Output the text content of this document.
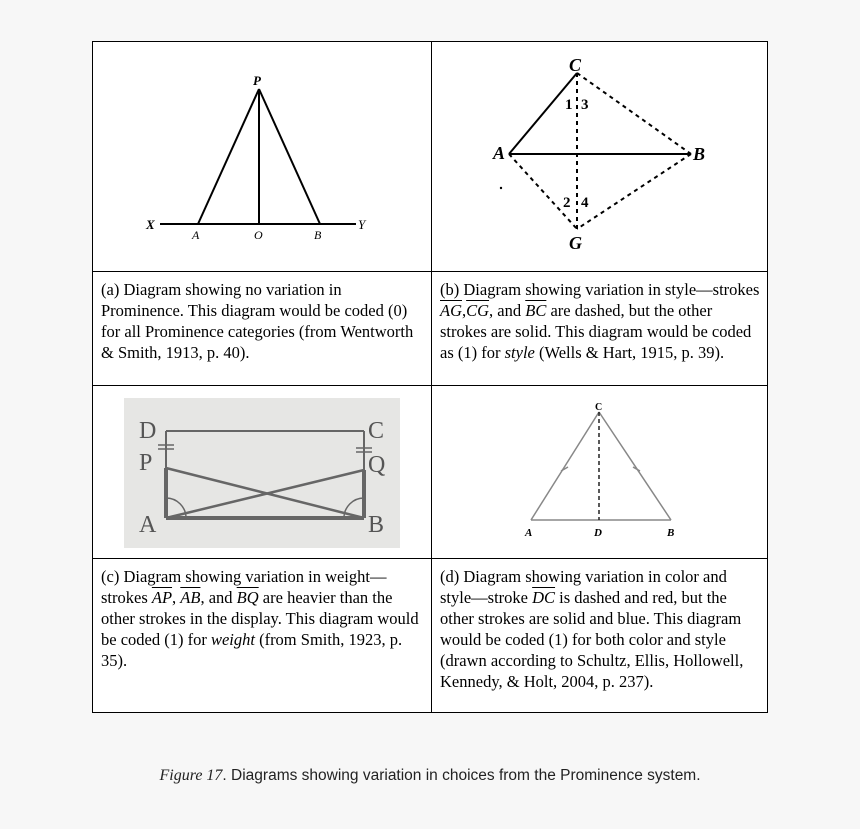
P
X	Y
A	O	B
C
A	B
G
1 3
2 4
(a) Diagram showing no variation in Prominence. This diagram would be coded (0) for all Prominence categories (from Wentworth & Smith, 1913, p. 40).
(b) Diagram showing variation in style—strokes $\overline{AG},\overline{CG}$, and $\overline{BC}$ are dashed, but the other strokes are solid. This diagram would be coded as (1) for style (Wells & Hart, 1915, p. 39).
D	C
P	Q
A	B
C
A	D	B
(c) Diagram showing variation in weight—strokes $\overline{AP}$, $\overline{AB}$, and $\overline{BQ}$ are heavier than the other strokes in the display. This diagram would be coded (1) for weight (from Smith, 1923, p. 35).
(d) Diagram showing variation in color and style—stroke $\overline{DC}$ is dashed and red, but the other strokes are solid and blue. This diagram would be coded (1) for both color and style (drawn according to Schultz, Ellis, Hollowell, Kennedy, & Holt, 2004, p. 237).
Figure 17. Diagrams showing variation in choices from the Prominence system.
